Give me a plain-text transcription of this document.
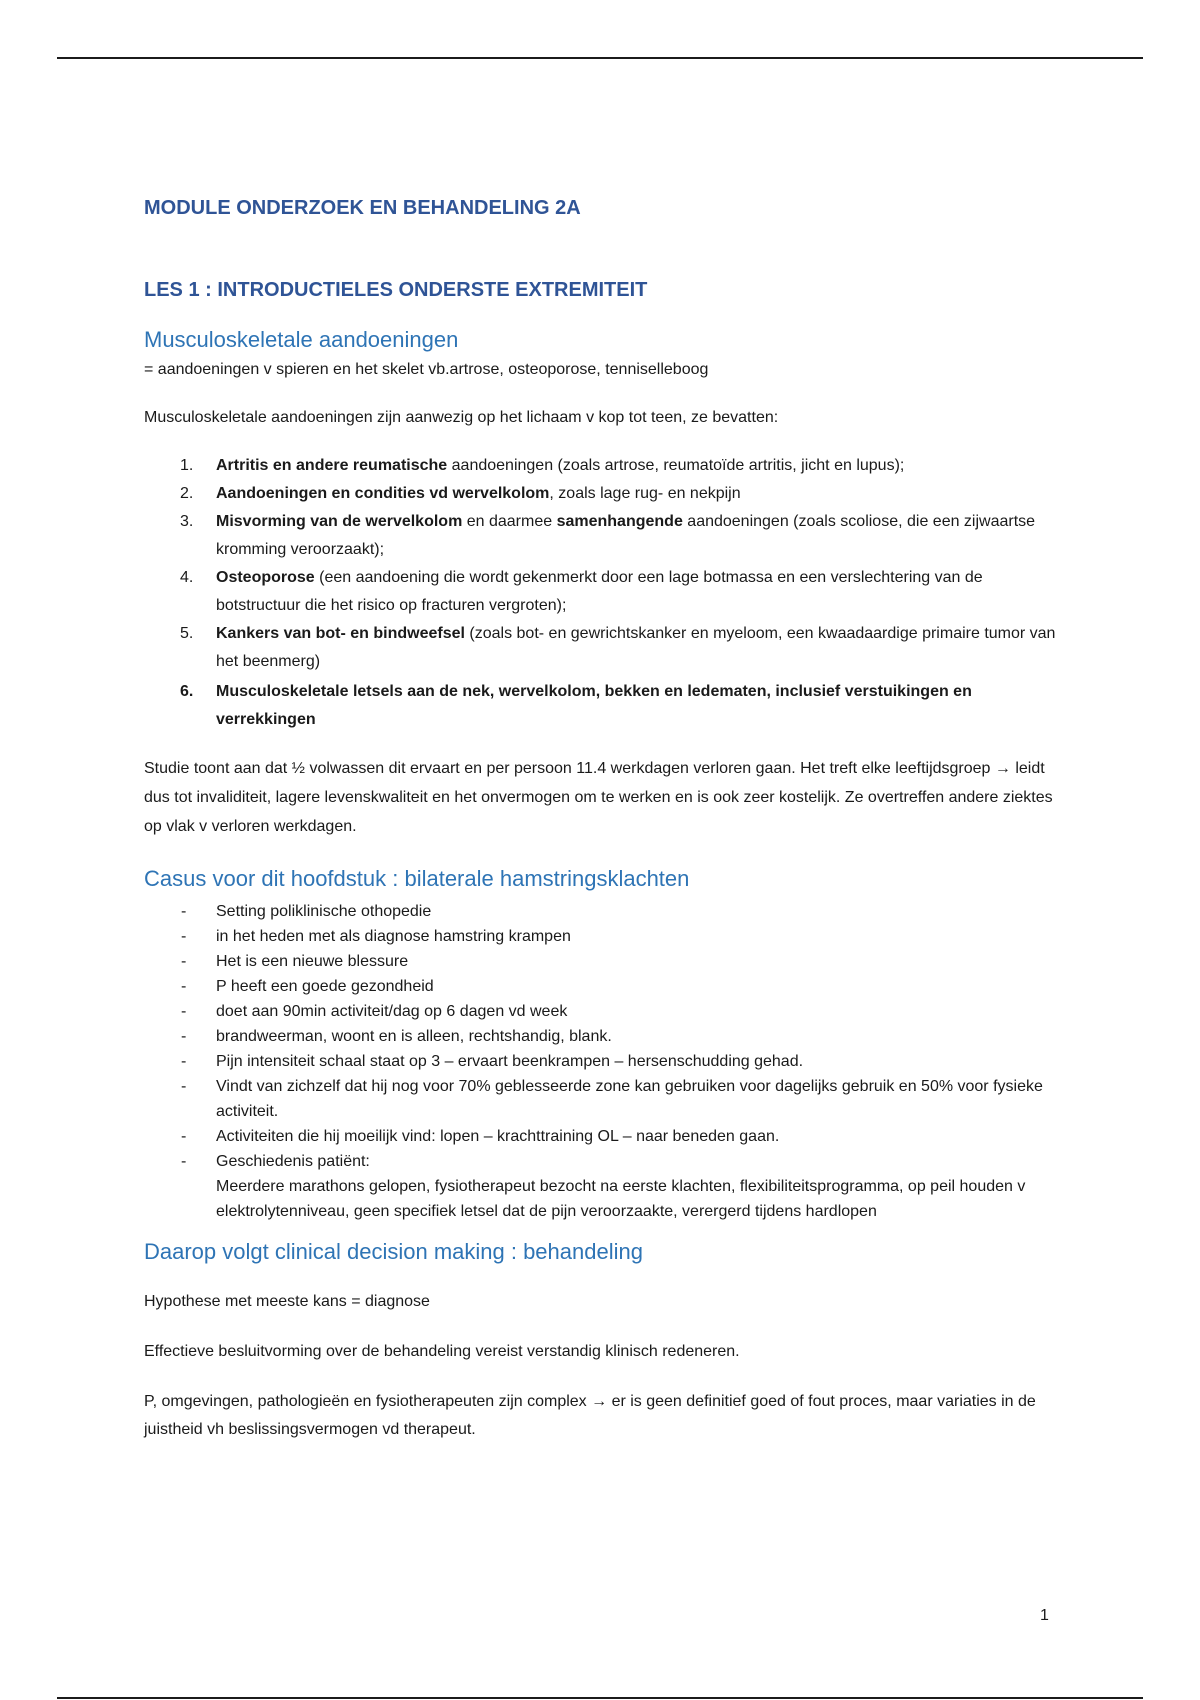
MODULE ONDERZOEK EN BEHANDELING 2A
LES 1 : INTRODUCTIELES ONDERSTE EXTREMITEIT
Musculoskeletale aandoeningen

= aandoeningen v spieren en het skelet vb.artrose, osteoporose, tenniselleboog

Musculoskeletale aandoeningen zijn aanwezig op het lichaam v kop tot teen, ze bevatten:

1. Artritis en andere reumatische aandoeningen (zoals artrose, reumatoïde artritis, jicht en lupus);
2. Aandoeningen en condities vd wervelkolom, zoals lage rug- en nekpijn
3. Misvorming van de wervelkolom en daarmee samenhangende aandoeningen (zoals scoliose, die een zijwaartse kromming veroorzaakt);
4. Osteoporose (een aandoening die wordt gekenmerkt door een lage botmassa en een verslechtering van de botstructuur die het risico op fracturen vergroten);
5. Kankers van bot- en bindweefsel (zoals bot- en gewrichtskanker en myeloom, een kwaadaardige primaire tumor van het beenmerg)
6. Musculoskeletale letsels aan de nek, wervelkolom, bekken en ledematen, inclusief verstuikingen en verrekkingen

Studie toont aan dat ½ volwassen dit ervaart en per persoon 11.4 werkdagen verloren gaan. Het treft elke leeftijdsgroep → leidt dus tot invaliditeit, lagere levenskwaliteit en het onvermogen om te werken en is ook zeer kostelijk. Ze overtreffen andere ziektes op vlak v verloren werkdagen.

Casus voor dit hoofdstuk : bilaterale hamstringsklachten
- Setting poliklinische othopedie
- in het heden met als diagnose hamstring krampen
- Het is een nieuwe blessure
- P heeft een goede gezondheid
- doet aan 90min activiteit/dag op 6 dagen vd week
- brandweerman, woont en is alleen, rechtshandig, blank.
- Pijn intensiteit schaal staat op 3 – ervaart beenkrampen – hersenschudding gehad.
- Vindt van zichzelf dat hij nog voor 70% geblesseerde zone kan gebruiken voor dagelijks gebruik en 50% voor fysieke activiteit.
- Activiteiten die hij moeilijk vind: lopen – krachttraining OL – naar beneden gaan.
- Geschiedenis patiënt:
Meerdere marathons gelopen, fysiotherapeut bezocht na eerste klachten, flexibiliteitsprogramma, op peil houden v elektrolytenniveau, geen specifiek letsel dat de pijn veroorzaakte, verergerd tijdens hardlopen
Daarop volgt clinical decision making : behandeling

Hypothese met meeste kans = diagnose

Effectieve besluitvorming over de behandeling vereist verstandig klinisch redeneren.

P, omgevingen, pathologieën en fysiotherapeuten zijn complex → er is geen definitief goed of fout proces, maar variaties in de juistheid vh beslissingsvermogen vd therapeut.

1
